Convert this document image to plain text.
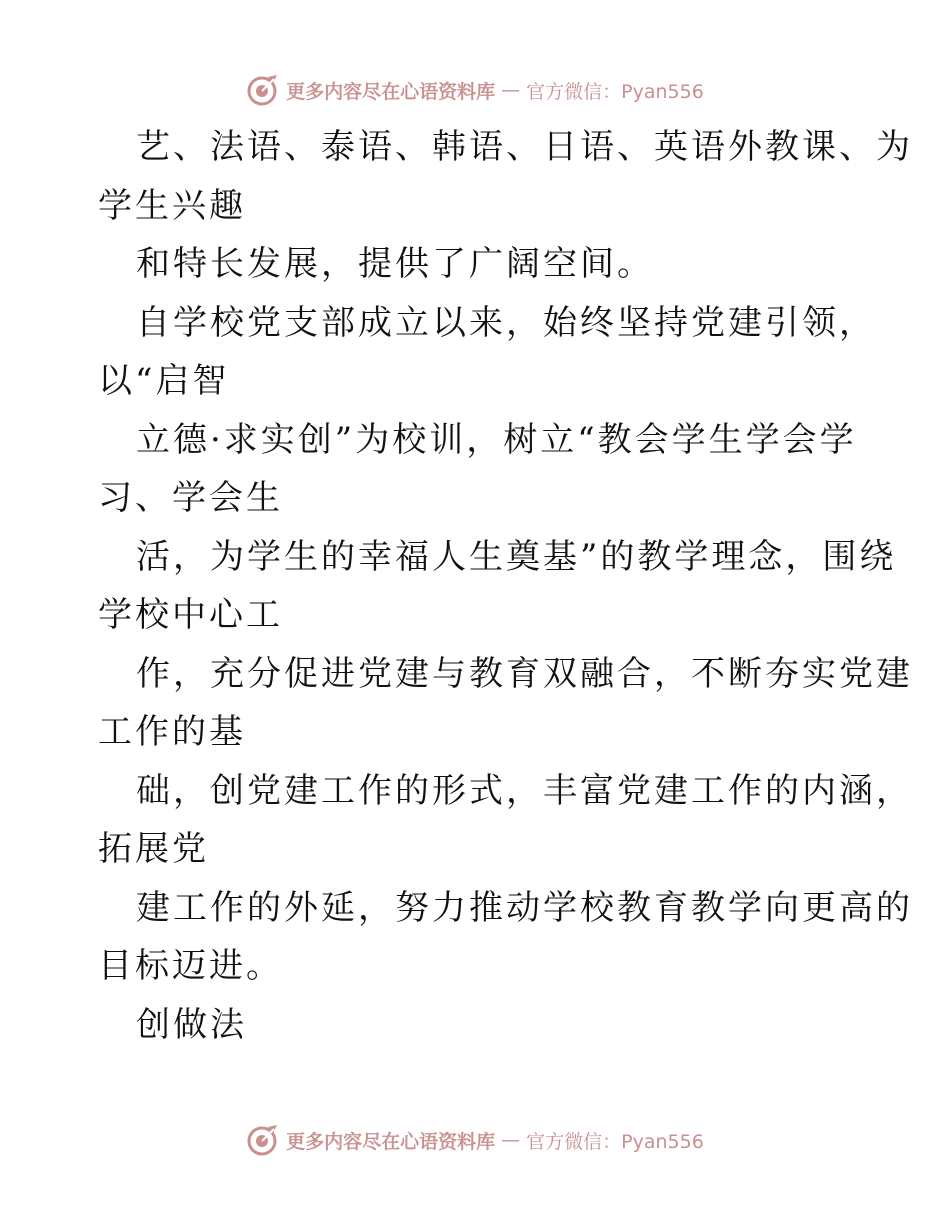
更多内容尽在心语资料库 — 官方微信：Pyan556
艺、法语、泰语、韩语、日语、英语外教课、为
学生兴趣
和特长发展，提供了广阔空间。
自学校党支部成立以来，始终坚持党建引领，
以“启智
立德·求实创”为校训，树立“教会学生学会学
习、学会生
活，为学生的幸福人生奠基”的教学理念，围绕
学校中心工
作，充分促进党建与教育双融合，不断夯实党建
工作的基
础，创党建工作的形式，丰富党建工作的内涵，
拓展党
建工作的外延，努力推动学校教育教学向更高的
目标迈进。
创做法
更多内容尽在心语资料库 — 官方微信：Pyan556
